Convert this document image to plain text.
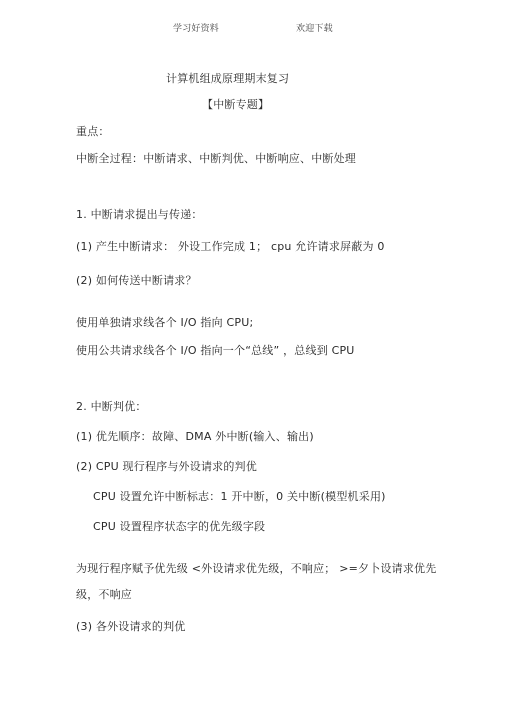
学习好资料	欢迎下载
计算机组成原理期末复习
【中断专题】
重点：
中断全过程：中断请求、中断判优、中断响应、中断处理
1. 中断请求提出与传递：
(1) 产生中断请求： 外设工作完成 1； cpu 允许请求屏蔽为 0
(2) 如何传送中断请求？
使用单独请求线各个 I/O 指向 CPU;
使用公共请求线各个 I/O 指向一个“总线” ，总线到 CPU
2. 中断判优：
(1) 优先顺序：故障、DMA 外中断(输入、输出)
(2) CPU 现行程序与外设请求的判优
CPU 设置允许中断标志：1 开中断，0 关中断(模型机采用)
CPU 设置程序状态字的优先级字段
为现行程序赋予优先级 <外设请求优先级，不响应； >=夕卜设请求优先
级，不响应
(3) 各外设请求的判优
